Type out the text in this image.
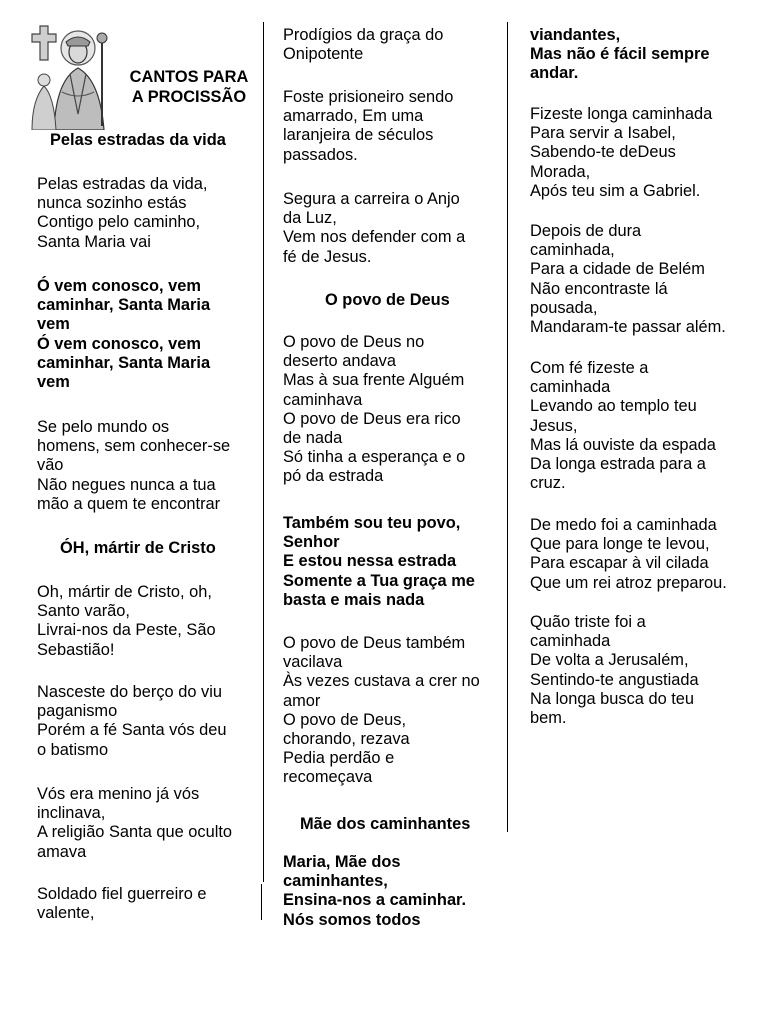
CANTOS PARA
A PROCISSÃO
Pelas estradas da vida
Pelas estradas da vida,
nunca sozinho estás
Contigo pelo caminho,
Santa Maria vai
Ó vem conosco, vem
caminhar, Santa Maria
vem
Ó vem conosco, vem
caminhar, Santa Maria
vem
Se pelo mundo os
homens, sem conhecer-se
vão
Não negues nunca a tua
mão a quem te encontrar
ÓH, mártir de Cristo
Oh, mártir de Cristo, oh,
Santo varão,
Livrai-nos da Peste, São
Sebastião!
Nasceste do berço do viu
paganismo
Porém a fé Santa vós deu
o batismo
Vós era menino já vós
inclinava,
A religião Santa que oculto
amava
Soldado fiel guerreiro e
valente,
Prodígios da graça do
Onipotente
Foste prisioneiro sendo
amarrado, Em uma
laranjeira de séculos
passados.
Segura a carreira o Anjo
da Luz,
Vem nos defender com a
fé de Jesus.
O povo de Deus
O povo de Deus no
deserto andava
Mas à sua frente Alguém
caminhava
O povo de Deus era rico
de nada
Só tinha a esperança e o
pó da estrada
Também sou teu povo,
Senhor
E estou nessa estrada
Somente a Tua graça me
basta e mais nada
O povo de Deus também
vacilava
Às vezes custava a crer no
amor
O povo de Deus,
chorando, rezava
Pedia perdão e
recomeçava
Mãe dos caminhantes
Maria, Mãe dos
caminhantes,
Ensina-nos a caminhar.
Nós somos todos
viandantes,
Mas não é fácil sempre
andar.
Fizeste longa caminhada
Para servir a Isabel,
Sabendo-te deDeus
Morada,
Após teu sim a Gabriel.
Depois de dura
caminhada,
Para a cidade de Belém
Não encontraste lá
pousada,
Mandaram-te passar além.
Com fé fizeste a
caminhada
Levando ao templo teu
Jesus,
Mas lá ouviste da espada
Da longa estrada para a
cruz.
De medo foi a caminhada
Que para longe te levou,
Para escapar à vil cilada
Que um rei atroz preparou.
Quão triste foi a
caminhada
De volta a Jerusalém,
Sentindo-te angustiada
Na longa busca do teu
bem.
